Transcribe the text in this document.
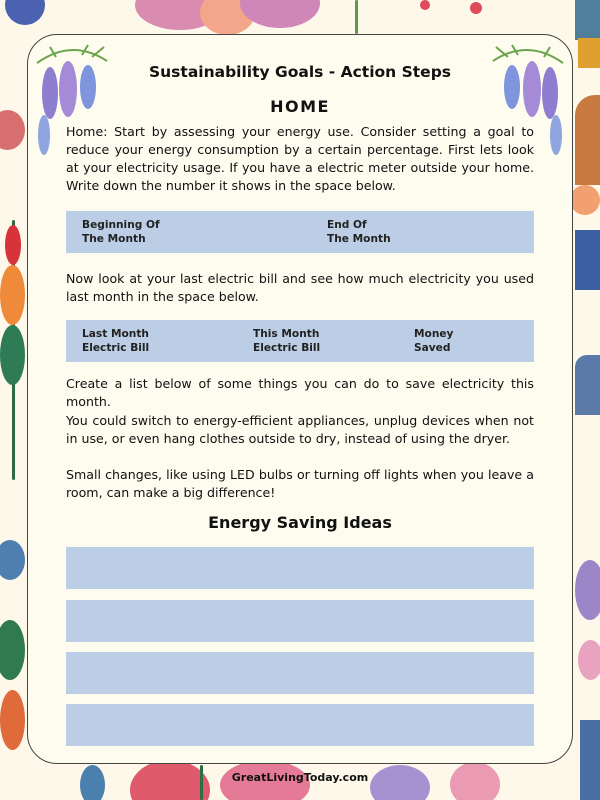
Sustainability Goals - Action Steps
HOME
Home: Start by assessing your energy use. Consider setting a goal to reduce your energy consumption by a certain percentage. First lets look at your electricity usage. If you have a electric meter outside your home. Write down the number it shows in the space below.
Beginning Of
The Month
End Of
The Month
Now look at your last electric bill and see how much electricity you used last month in the space below.
Last Month
Electric Bill
This Month
Electric Bill
Money
Saved
Create a list below of some things you can do to save electricity this month.
You could switch to energy-efficient appliances, unplug devices when not in use, or even hang clothes outside to dry, instead of using the dryer.
Small changes, like using LED bulbs or turning off lights when you leave a room, can make a big difference!
Energy Saving Ideas
GreatLivingToday.com
